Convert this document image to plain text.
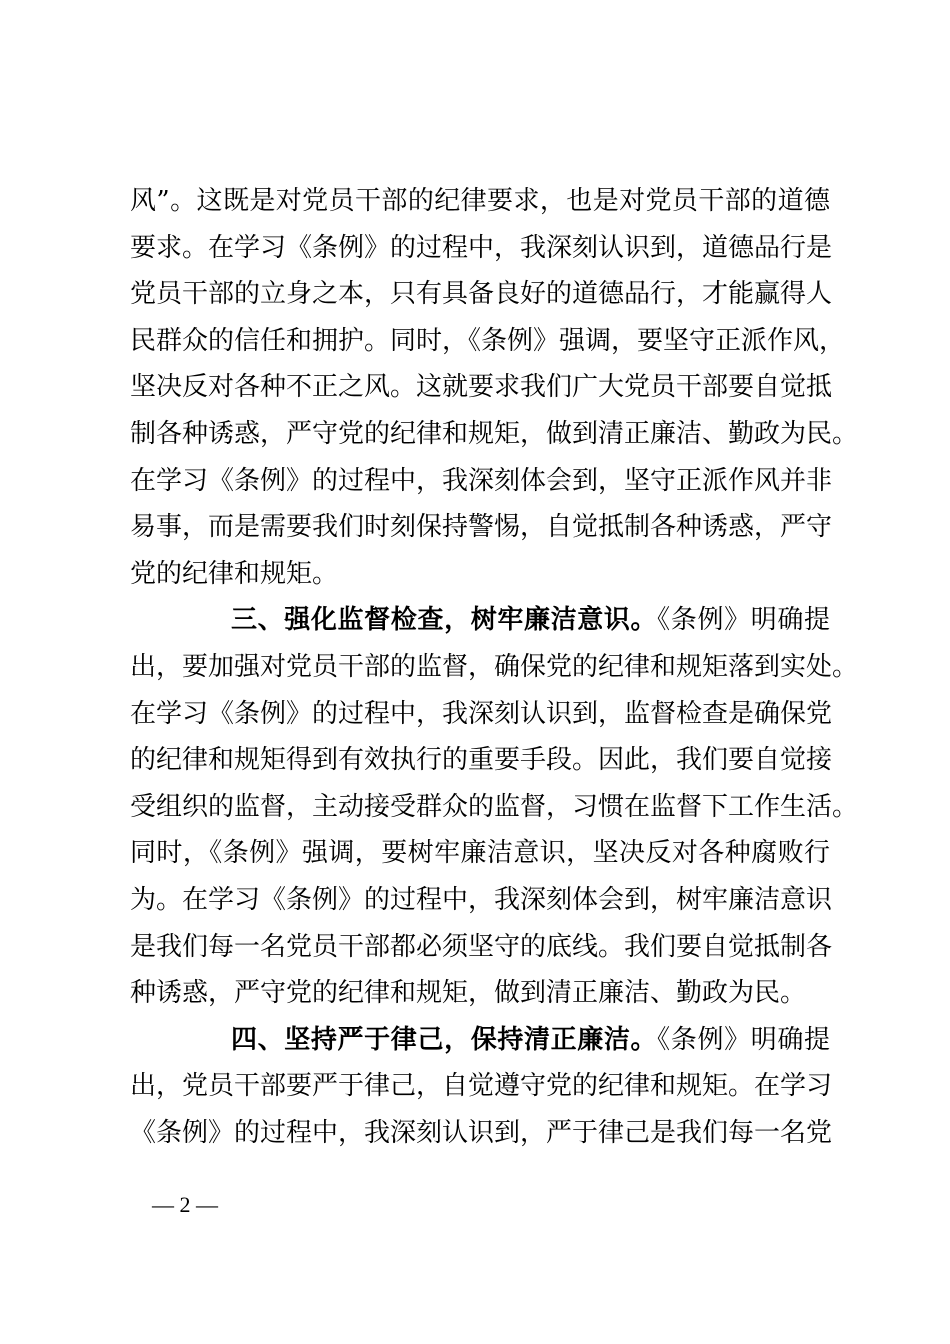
风”。这既是对党员干部的纪律要求，也是对党员干部的道德
要求。在学习《条例》的过程中，我深刻认识到，道德品行是
党员干部的立身之本，只有具备良好的道德品行，才能赢得人
民群众的信任和拥护。同时，《条例》强调，要坚守正派作风，
坚决反对各种不正之风。这就要求我们广大党员干部要自觉抵
制各种诱惑，严守党的纪律和规矩，做到清正廉洁、勤政为民。
在学习《条例》的过程中，我深刻体会到，坚守正派作风并非
易事，而是需要我们时刻保持警惕，自觉抵制各种诱惑，严守
党的纪律和规矩。
三、强化监督检查，树牢廉洁意识。《条例》明确提
出，要加强对党员干部的监督，确保党的纪律和规矩落到实处。
在学习《条例》的过程中，我深刻认识到，监督检查是确保党
的纪律和规矩得到有效执行的重要手段。因此，我们要自觉接
受组织的监督，主动接受群众的监督，习惯在监督下工作生活。
同时，《条例》强调，要树牢廉洁意识，坚决反对各种腐败行
为。在学习《条例》的过程中，我深刻体会到，树牢廉洁意识
是我们每一名党员干部都必须坚守的底线。我们要自觉抵制各
种诱惑，严守党的纪律和规矩，做到清正廉洁、勤政为民。
四、坚持严于律己，保持清正廉洁。《条例》明确提
出，党员干部要严于律己，自觉遵守党的纪律和规矩。在学习
《条例》的过程中，我深刻认识到，严于律己是我们每一名党
— 2 —
